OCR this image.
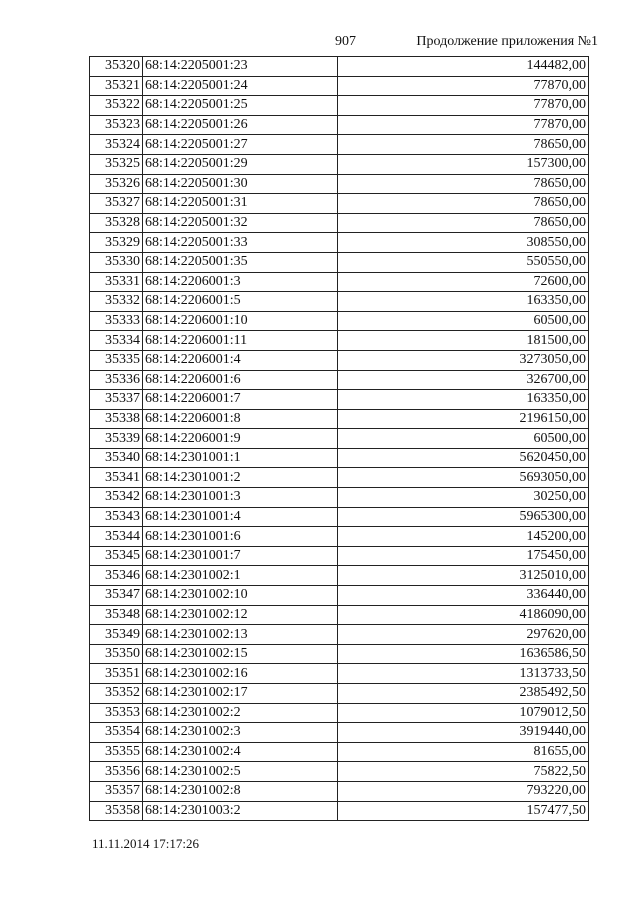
907	Продолжение приложения №1
35320	68:14:2205001:23	144482,00
35321	68:14:2205001:24	77870,00
35322	68:14:2205001:25	77870,00
35323	68:14:2205001:26	77870,00
35324	68:14:2205001:27	78650,00
35325	68:14:2205001:29	157300,00
35326	68:14:2205001:30	78650,00
35327	68:14:2205001:31	78650,00
35328	68:14:2205001:32	78650,00
35329	68:14:2205001:33	308550,00
35330	68:14:2205001:35	550550,00
35331	68:14:2206001:3	72600,00
35332	68:14:2206001:5	163350,00
35333	68:14:2206001:10	60500,00
35334	68:14:2206001:11	181500,00
35335	68:14:2206001:4	3273050,00
35336	68:14:2206001:6	326700,00
35337	68:14:2206001:7	163350,00
35338	68:14:2206001:8	2196150,00
35339	68:14:2206001:9	60500,00
35340	68:14:2301001:1	5620450,00
35341	68:14:2301001:2	5693050,00
35342	68:14:2301001:3	30250,00
35343	68:14:2301001:4	5965300,00
35344	68:14:2301001:6	145200,00
35345	68:14:2301001:7	175450,00
35346	68:14:2301002:1	3125010,00
35347	68:14:2301002:10	336440,00
35348	68:14:2301002:12	4186090,00
35349	68:14:2301002:13	297620,00
35350	68:14:2301002:15	1636586,50
35351	68:14:2301002:16	1313733,50
35352	68:14:2301002:17	2385492,50
35353	68:14:2301002:2	1079012,50
35354	68:14:2301002:3	3919440,00
35355	68:14:2301002:4	81655,00
35356	68:14:2301002:5	75822,50
35357	68:14:2301002:8	793220,00
35358	68:14:2301003:2	157477,50
11.11.2014 17:17:26
